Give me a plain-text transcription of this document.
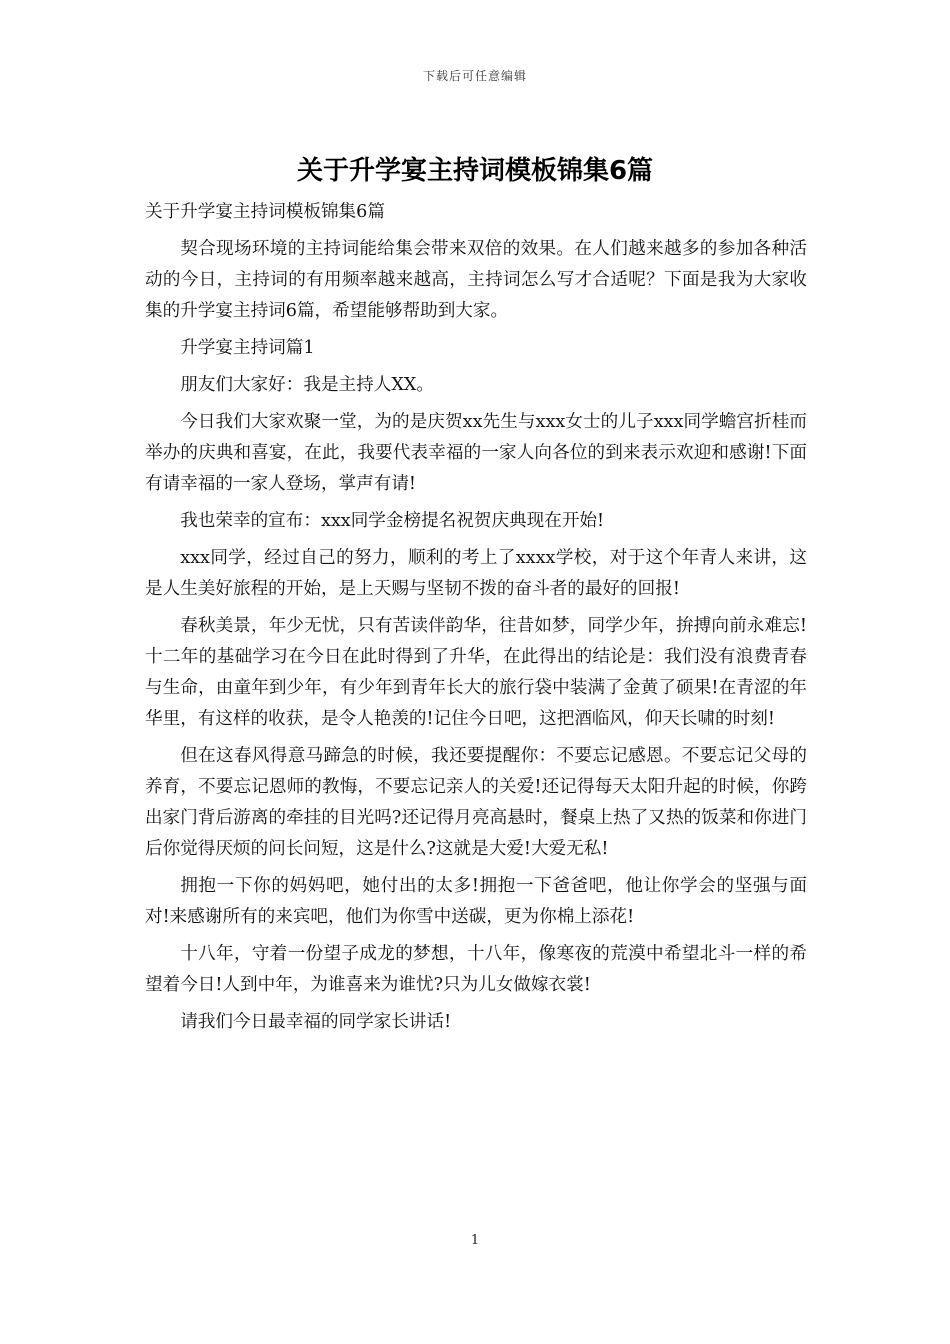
下载后可任意编辑
关于升学宴主持词模板锦集6篇

关于升学宴主持词模板锦集6篇

契合现场环境的主持词能给集会带来双倍的效果。在人们越来越多的参加各种活动的今日，主持词的有用频率越来越高，主持词怎么写才合适呢？下面是我为大家收集的升学宴主持词6篇，希望能够帮助到大家。

升学宴主持词篇1

朋友们大家好：我是主持人XX。

今日我们大家欢聚一堂，为的是庆贺xx先生与xxx女士的儿子xxx同学蟾宫折桂而举办的庆典和喜宴，在此，我要代表幸福的一家人向各位的到来表示欢迎和感谢!下面有请幸福的一家人登场，掌声有请!

我也荣幸的宣布：xxx同学金榜提名祝贺庆典现在开始!

xxx同学，经过自己的努力，顺利的考上了xxxx学校，对于这个年青人来讲，这是人生美好旅程的开始，是上天赐与坚韧不拨的奋斗者的最好的回报!

春秋美景，年少无忧，只有苦读伴韵华，往昔如梦，同学少年，拚搏向前永难忘!十二年的基础学习在今日在此时得到了升华，在此得出的结论是：我们没有浪费青春与生命，由童年到少年，有少年到青年长大的旅行袋中装满了金黄了硕果!在青涩的年华里，有这样的收获，是令人艳羡的!记住今日吧，这把酒临风，仰天长啸的时刻!

但在这春风得意马蹄急的时候，我还要提醒你：不要忘记感恩。不要忘记父母的养育，不要忘记恩师的教悔，不要忘记亲人的关爱!还记得每天太阳升起的时候，你跨出家门背后游离的牵挂的目光吗?还记得月亮高悬时，餐桌上热了又热的饭菜和你进门后你觉得厌烦的问长问短，这是什么?这就是大爱!大爱无私!

拥抱一下你的妈妈吧，她付出的太多!拥抱一下爸爸吧，他让你学会的坚强与面对!来感谢所有的来宾吧，他们为你雪中送碳，更为你棉上添花!

十八年，守着一份望子成龙的梦想，十八年，像寒夜的荒漠中希望北斗一样的希望着今日!人到中年，为谁喜来为谁忧?只为儿女做嫁衣裳!

请我们今日最幸福的同学家长讲话!

1
